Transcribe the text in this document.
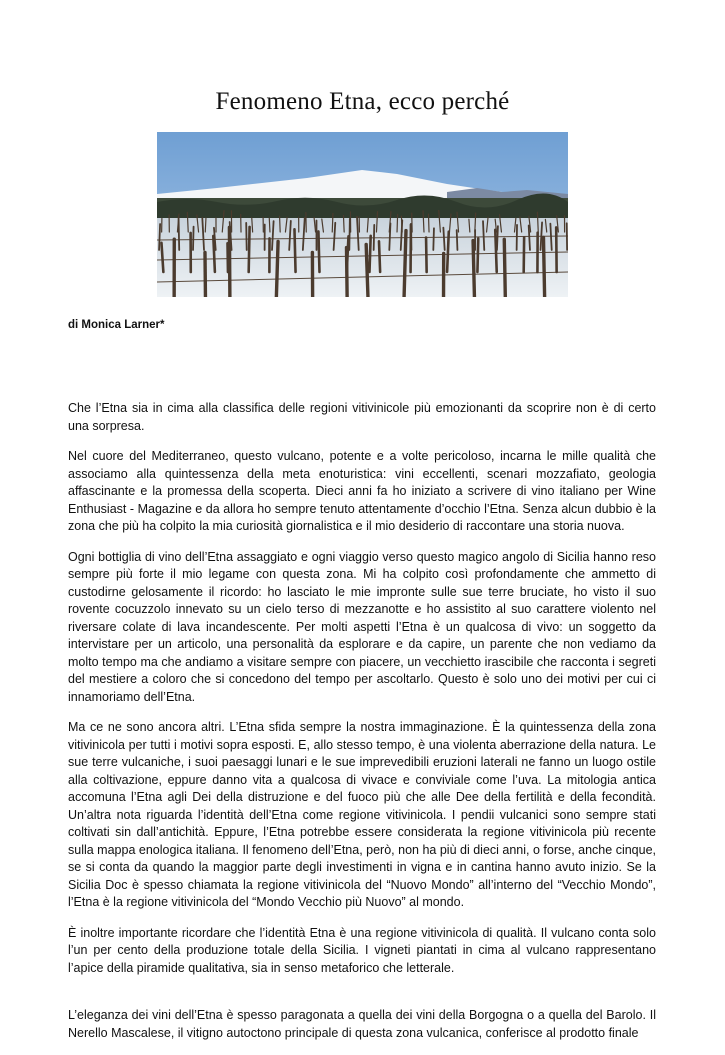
Fenomeno Etna, ecco perché
di Monica Larner*

Che l’Etna sia in cima alla classifica delle regioni vitivinicole più emozionanti da scoprire non è di certo una sorpresa.

Nel cuore del Mediterraneo, questo vulcano, potente e a volte pericoloso, incarna le mille qualità che associamo alla quintessenza della meta enoturistica: vini eccellenti, scenari mozzafiato, geologia affascinante e la promessa della scoperta. Dieci anni fa ho iniziato a scrivere di vino italiano per Wine Enthusiast - Magazine e da allora ho sempre tenuto attentamente d’occhio l’Etna. Senza alcun dubbio è la zona che più ha colpito la mia curiosità giornalistica e il mio desiderio di raccontare una storia nuova.

Ogni bottiglia di vino dell’Etna assaggiato e ogni viaggio verso questo magico angolo di Sicilia hanno reso sempre più forte il mio legame con questa zona. Mi ha colpito così profondamente che ammetto di custodirne gelosamente il ricordo: ho lasciato le mie impronte sulle sue terre bruciate, ho visto il suo rovente cocuzzolo innevato su un cielo terso di mezzanotte e ho assistito al suo carattere violento nel riversare colate di lava incandescente. Per molti aspetti l’Etna è un qualcosa di vivo: un soggetto da intervistare per un articolo, una personalità da esplorare e da capire, un parente che non vediamo da molto tempo ma che andiamo a visitare sempre con piacere, un vecchietto irascibile che racconta i segreti del mestiere a coloro che si concedono del tempo per ascoltarlo. Questo è solo uno dei motivi per cui ci innamoriamo dell’Etna.

Ma ce ne sono ancora altri. L’Etna sfida sempre la nostra immaginazione. È la quintessenza della zona vitivinicola per tutti i motivi sopra esposti. E, allo stesso tempo, è una violenta aberrazione della natura. Le sue terre vulcaniche, i suoi paesaggi lunari e le sue imprevedibili eruzioni laterali ne fanno un luogo ostile alla coltivazione, eppure danno vita a qualcosa di vivace e conviviale come l’uva. La mitologia antica accomuna l’Etna agli Dei della distruzione e del fuoco più che alle Dee della fertilità e della fecondità. Un’altra nota riguarda l’identità dell’Etna come regione vitivinicola. I pendii vulcanici sono sempre stati coltivati sin dall’antichità. Eppure, l’Etna potrebbe essere considerata la regione vitivinicola più recente sulla mappa enologica italiana. Il fenomeno dell’Etna, però, non ha più di dieci anni, o forse, anche cinque, se si conta da quando la maggior parte degli investimenti in vigna e in cantina hanno avuto inizio. Se la Sicilia Doc è spesso chiamata la regione vitivinicola del “Nuovo Mondo” all’interno del “Vecchio Mondo”, l’Etna è la regione vitivinicola del “Mondo Vecchio più Nuovo” al mondo.

È inoltre importante ricordare che l’identità Etna è una regione vitivinicola di qualità. Il vulcano conta solo l’un per cento della produzione totale della Sicilia. I vigneti piantati in cima al vulcano rappresentano l’apice della piramide qualitativa, sia in senso metaforico che letterale.

L’eleganza dei vini dell’Etna è spesso paragonata a quella dei vini della Borgogna o a quella del Barolo. Il Nerello Mascalese, il vitigno autoctono principale di questa zona vulcanica, conferisce al prodotto finale
